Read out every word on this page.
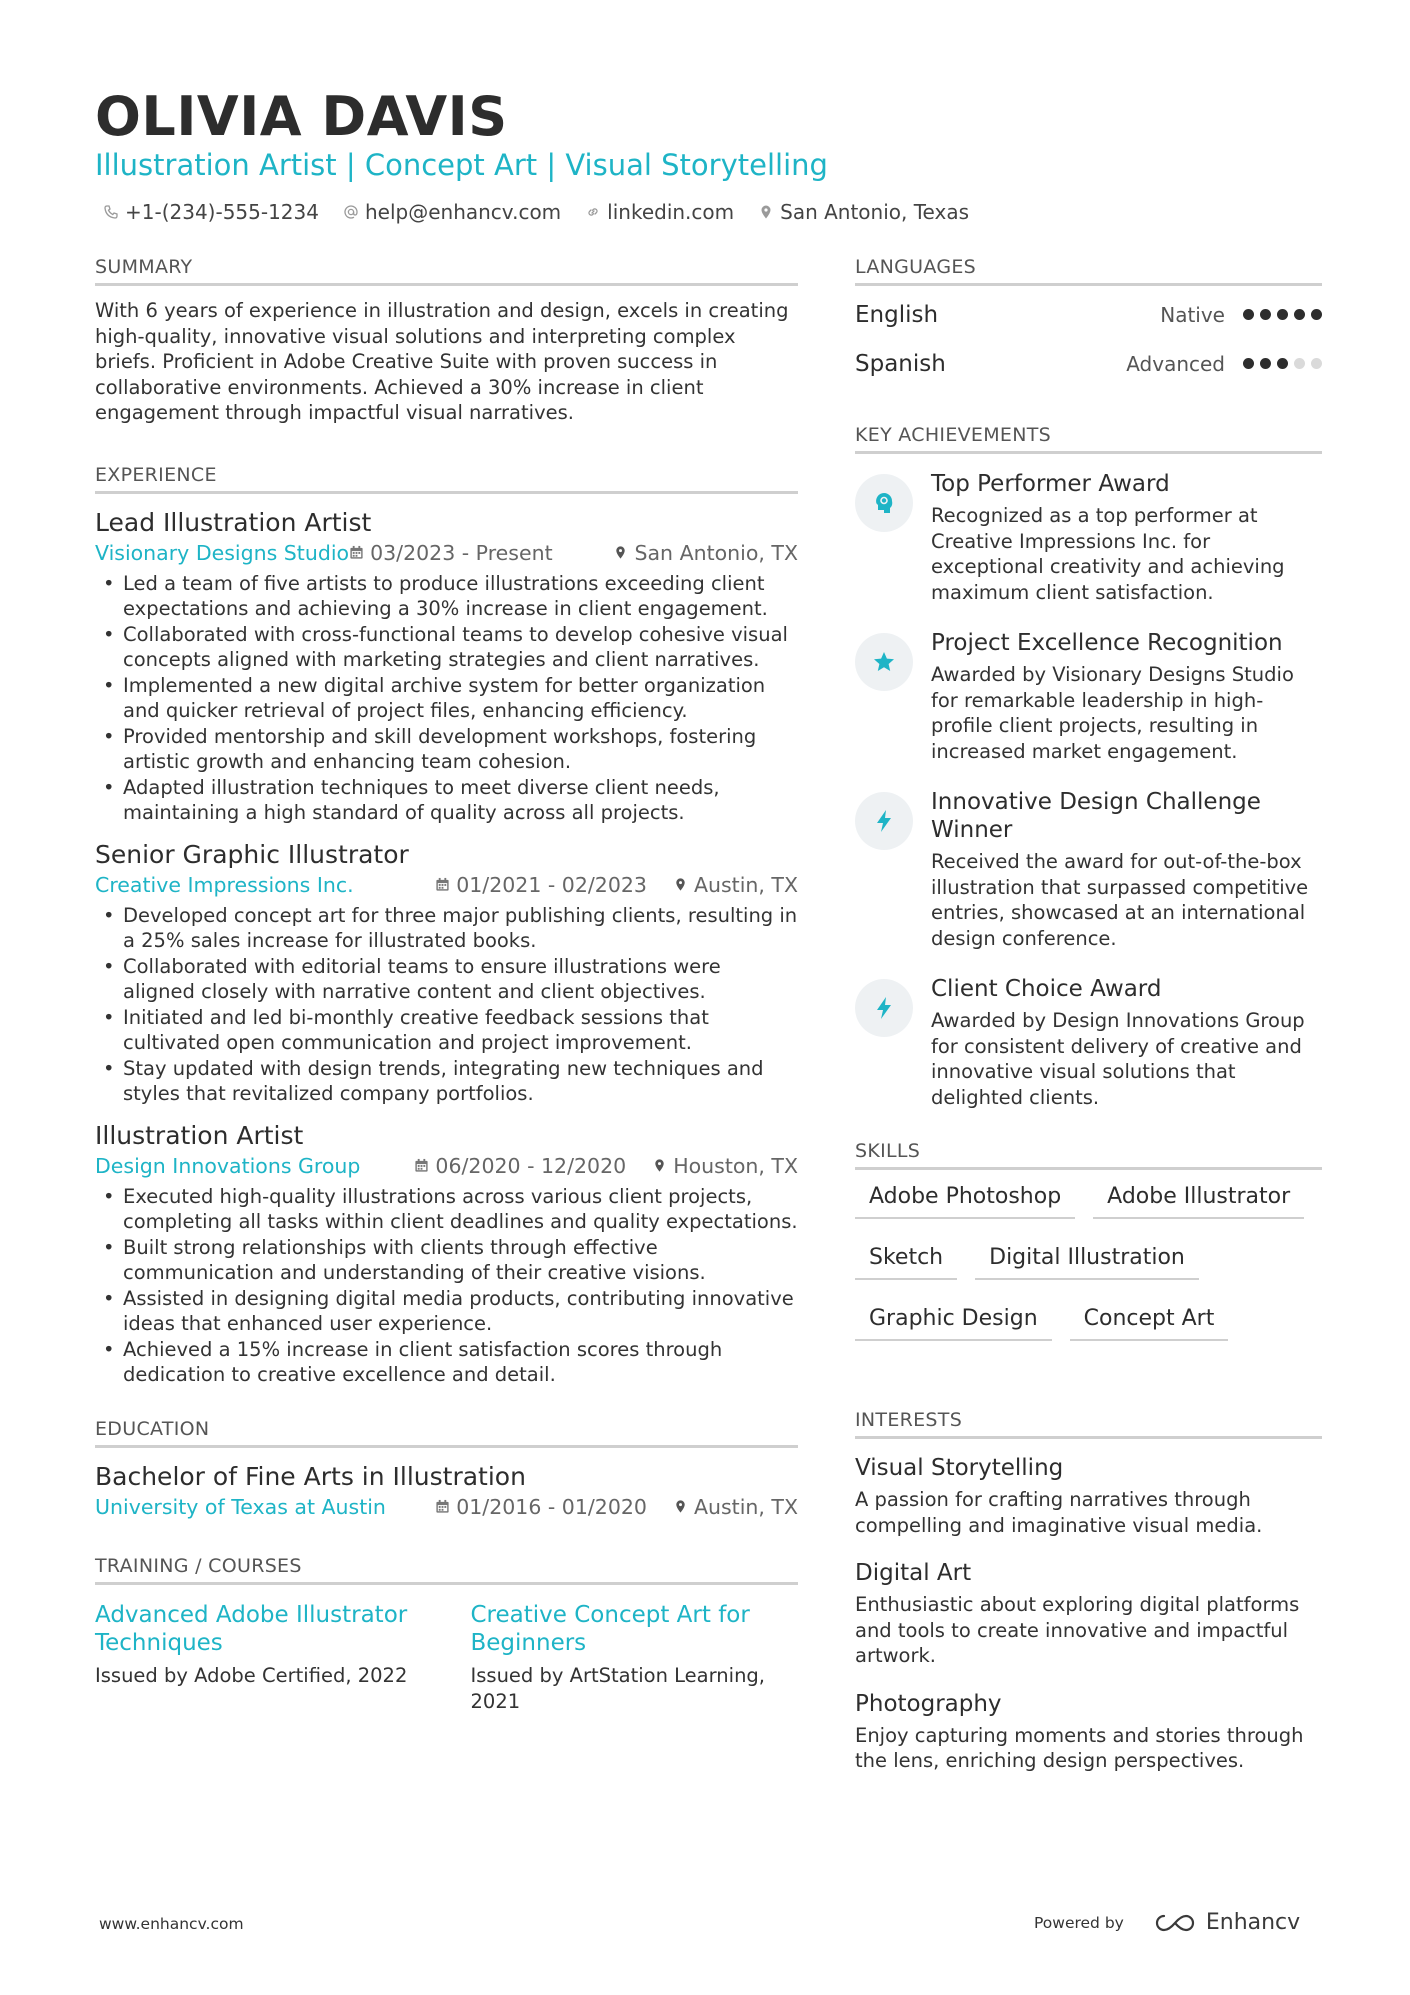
OLIVIA DAVIS
Illustration Artist | Concept Art | Visual Storytelling
+1-(234)-555-1234 help@enhancv.com linkedin.com San Antonio, Texas
SUMMARY
With 6 years of experience in illustration and design, excels in creating high-quality, innovative visual solutions and interpreting complex briefs. Proficient in Adobe Creative Suite with proven success in collaborative environments. Achieved a 30% increase in client engagement through impactful visual narratives.
EXPERIENCE
Lead Illustration Artist
Visionary Designs Studio 03/2023 - Present	San Antonio, TX
• Led a team of five artists to produce illustrations exceeding client expectations and achieving a 30% increase in client engagement.
• Collaborated with cross-functional teams to develop cohesive visual concepts aligned with marketing strategies and client narratives.
• Implemented a new digital archive system for better organization and quicker retrieval of project files, enhancing efficiency.
• Provided mentorship and skill development workshops, fostering artistic growth and enhancing team cohesion.
• Adapted illustration techniques to meet diverse client needs, maintaining a high standard of quality across all projects.
Senior Graphic Illustrator
Creative Impressions Inc.	01/2021 - 02/2023 Austin, TX
• Developed concept art for three major publishing clients, resulting in a 25% sales increase for illustrated books.
• Collaborated with editorial teams to ensure illustrations were aligned closely with narrative content and client objectives.
• Initiated and led bi-monthly creative feedback sessions that cultivated open communication and project improvement.
• Stay updated with design trends, integrating new techniques and styles that revitalized company portfolios.
Illustration Artist
Design Innovations Group	06/2020 - 12/2020 Houston, TX
• Executed high-quality illustrations across various client projects, completing all tasks within client deadlines and quality expectations.
• Built strong relationships with clients through effective communication and understanding of their creative visions.
• Assisted in designing digital media products, contributing innovative ideas that enhanced user experience.
• Achieved a 15% increase in client satisfaction scores through dedication to creative excellence and detail.
EDUCATION
Bachelor of Fine Arts in Illustration
University of Texas at Austin	01/2016 - 01/2020 Austin, TX
TRAINING / COURSES
Advanced Adobe Illustrator Techniques
Issued by Adobe Certified, 2022
Creative Concept Art for Beginners
Issued by ArtStation Learning, 2021
LANGUAGES
English	Native
Spanish	Advanced
KEY ACHIEVEMENTS
Top Performer Award
Recognized as a top performer at Creative Impressions Inc. for exceptional creativity and achieving maximum client satisfaction.
Project Excellence Recognition
Awarded by Visionary Designs Studio for remarkable leadership in high-profile client projects, resulting in increased market engagement.
Innovative Design Challenge Winner
Received the award for out-of-the-box illustration that surpassed competitive entries, showcased at an international design conference.
Client Choice Award
Awarded by Design Innovations Group for consistent delivery of creative and innovative visual solutions that delighted clients.
SKILLS
Adobe Photoshop	Adobe Illustrator
Sketch	Digital Illustration
Graphic Design	Concept Art
INTERESTS
Visual Storytelling
A passion for crafting narratives through compelling and imaginative visual media.
Digital Art
Enthusiastic about exploring digital platforms and tools to create innovative and impactful artwork.
Photography
Enjoy capturing moments and stories through the lens, enriching design perspectives.
www.enhancv.com	Powered by	Enhancv
